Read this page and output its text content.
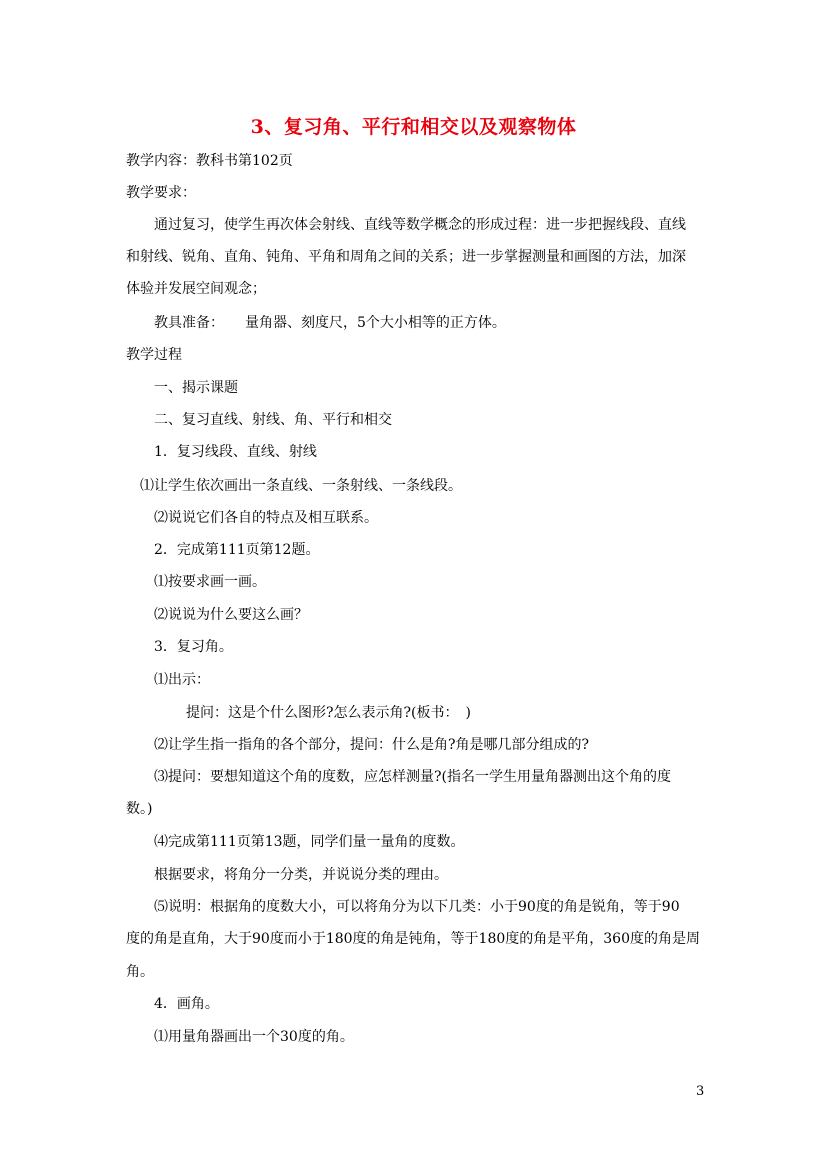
3、复习角、平行和相交以及观察物体
教学内容：教科书第102页
教学要求：
通过复习，使学生再次体会射线、直线等数学概念的形成过程：进一步把握线段、直线
和射线、锐角、直角、钝角、平角和周角之间的关系；进一步掌握测量和画图的方法，加深
体验并发展空间观念；
教具准备：　　量角器、刻度尺，5个大小相等的正方体。
教学过程
一、揭示课题
二、复习直线、射线、角、平行和相交
1．复习线段、直线、射线
⑴让学生依次画出一条直线、一条射线、一条线段。
⑵说说它们各自的特点及相互联系。
2．完成第111页第12题。
⑴按要求画一画。
⑵说说为什么要这么画？
3．复习角。
⑴出示：
提问：这是个什么图形?怎么表示角?(板书：　)
⑵让学生指一指角的各个部分，提问：什么是角?角是哪几部分组成的?
⑶提问：要想知道这个角的度数，应怎样测量?(指名一学生用量角器测出这个角的度
数。)
⑷完成第111页第13题，同学们量一量角的度数。
根据要求，将角分一分类，并说说分类的理由。
⑸说明：根据角的度数大小，可以将角分为以下几类：小于90度的角是锐角，等于90
度的角是直角，大于90度而小于180度的角是钝角，等于180度的角是平角，360度的角是周
角。
4．画角。
⑴用量角器画出一个30度的角。
3
